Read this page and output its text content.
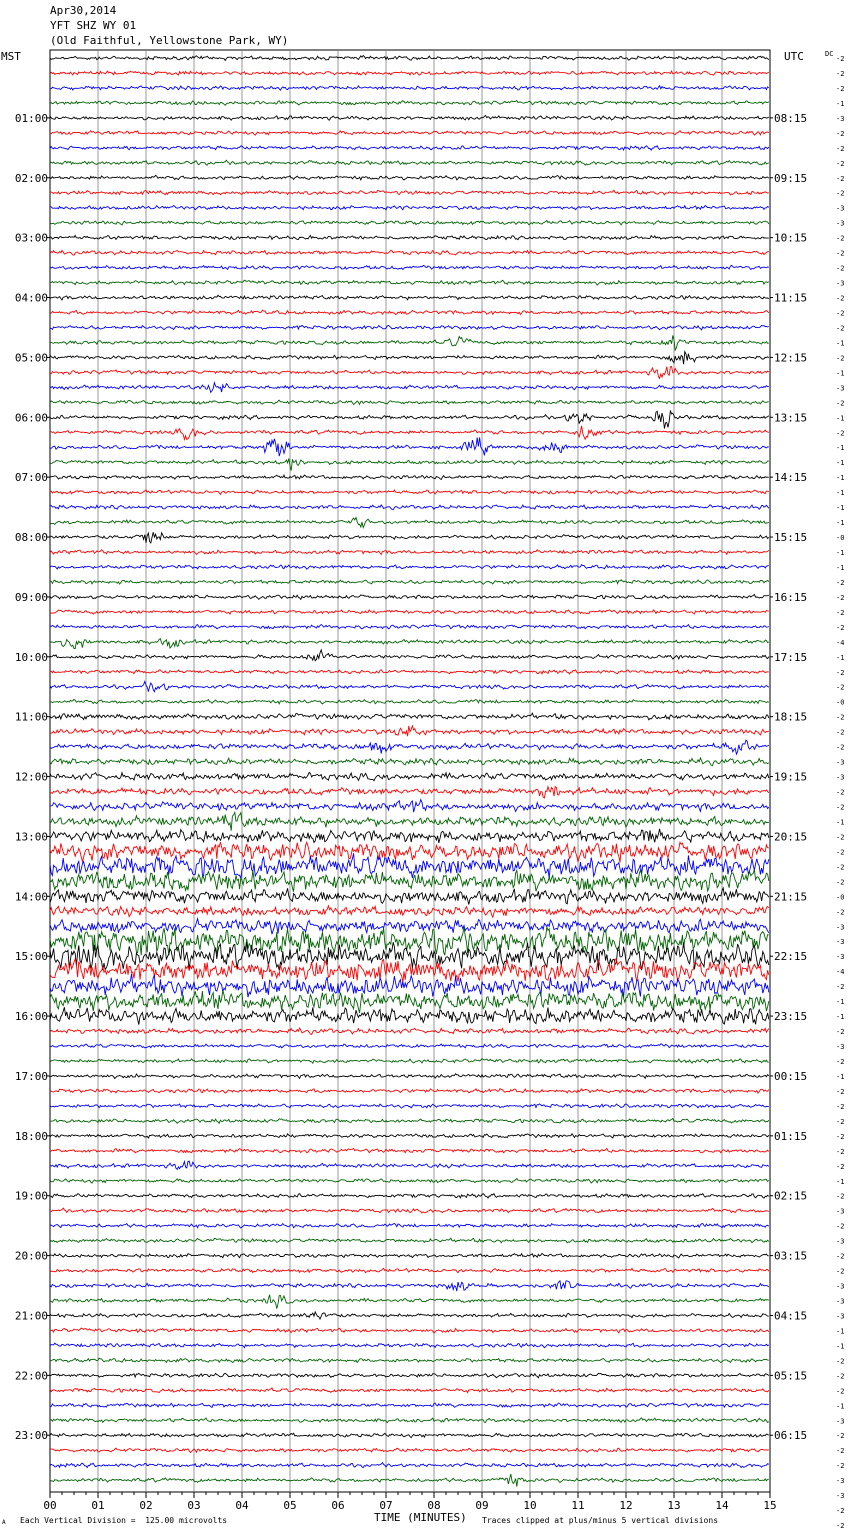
Apr30,2014
YFT SHZ WY 01
(Old Faithful, Yellowstone Park, WY)
MST	UTC	DC
00	01	02	03	04	05	06	07	08	09	10	11	12	13	14	15
01:00
02:00
03:00
04:00
05:00
06:00
07:00
08:00
09:00
10:00
11:00
12:00
13:00
14:00
15:00
16:00
17:00
18:00
19:00
20:00
21:00
22:00
23:00
08:15
09:15
10:15
11:15
12:15
13:15
14:15
15:15
16:15
17:15
18:15
19:15
20:15
21:15
22:15
23:15
00:15
01:15
02:15
03:15
04:15
05:15
06:15
-2
-2
-2
-1
-3
-2
-2
-2
-2
-2
-3
-3
-2
-2
-2
-3
-2
-2
-2
-1
-2
-1
-3
-2
-1
-2
-1
-1
-1
-1
-1
-1
-0
-1
-1
-2
-2
-2
-2
-4
-1
-2
-2
-0
-2
-2
-2
-3
-3
-2
-2
-1
-2
-2
-2
-2
-0
-2
-3
-3
-3
-4
-2
-1
-1
-2
-3
-2
-1
-2
-2
-2
-2
-2
-2
-1
-2
-3
-2
-3
-2
-2
-3
-3
-3
-1
-1
-2
-2
-2
-1
-3
-2
-2
-2
-3
-3
-2
-2
TIME (MINUTES)
Each Vertical Division =  125.00 microvolts	Traces clipped at plus/minus 5 vertical divisions
A
